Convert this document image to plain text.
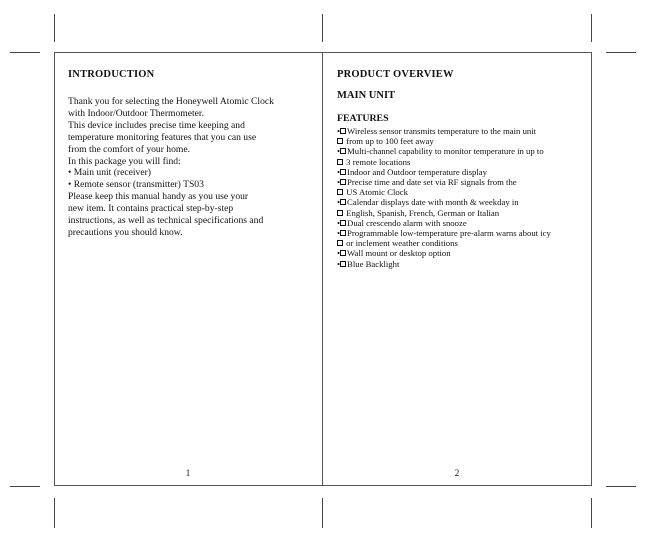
INTRODUCTION
Thank you for selecting the Honeywell Atomic Clock
with Indoor/Outdoor Thermometer.
This device includes precise time keeping and
temperature monitoring features that you can use
from the comfort of your home.
In this package you will find:
• Main unit (receiver)
• Remote sensor (transmitter) TS03
Please keep this manual handy as you use your
new item. It contains practical step-by-step
instructions, as well as technical specifications and
precautions you should know.
1
PRODUCT OVERVIEW
MAIN UNIT
FEATURES
• Wireless sensor transmits temperature to the main unit
from up to 100 feet away
• Multi-channel capability to monitor temperature in up to
3 remote locations
• Indoor and Outdoor temperature display
• Precise time and date set via RF signals from the
US Atomic Clock
• Calendar displays date with month & weekday in
English, Spanish, French, German or Italian
• Dual crescendo alarm with snooze
• Programmable low-temperature pre-alarm warns about icy
or inclement weather conditions
• Wall mount or desktop option
• Blue Backlight
2
